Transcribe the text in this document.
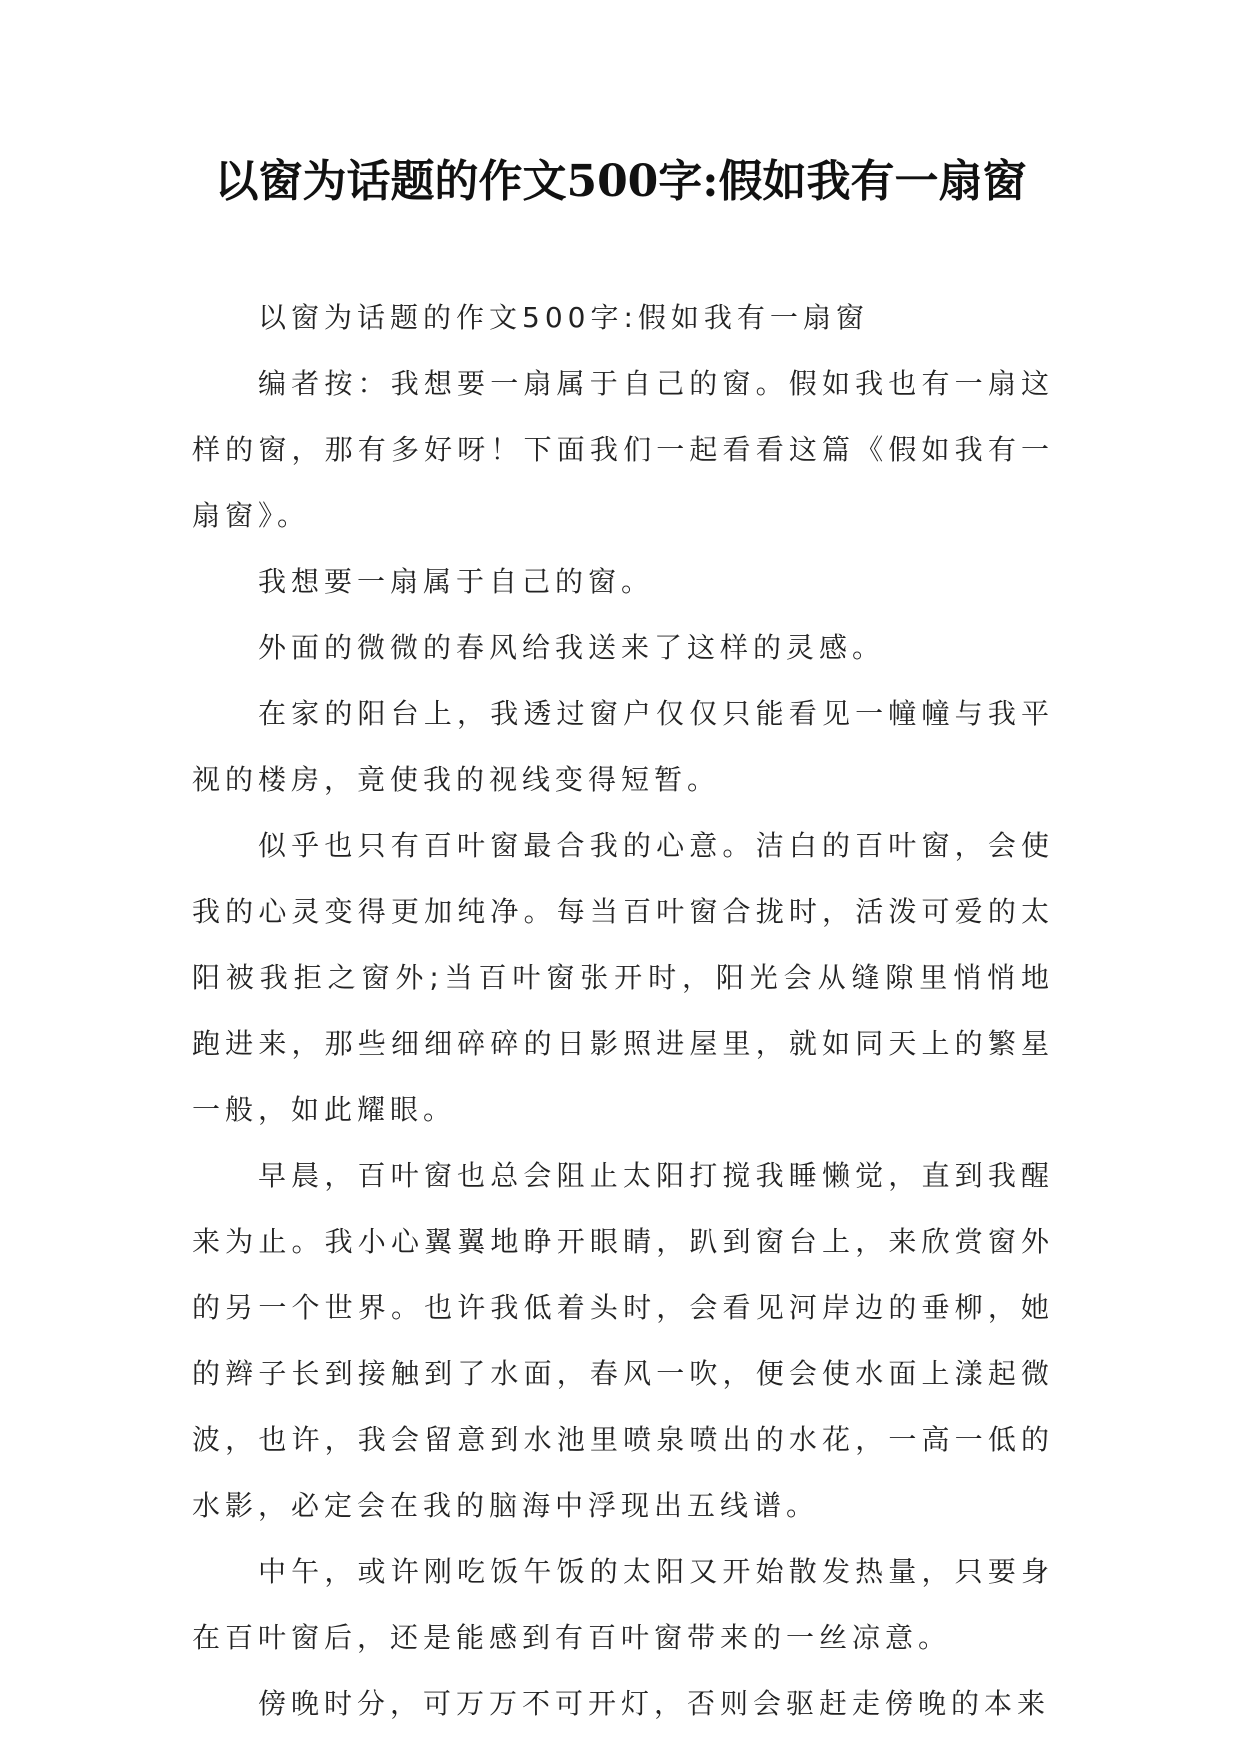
以窗为话题的作文500字:假如我有一扇窗

以窗为话题的作文500字:假如我有一扇窗

编者按：我想要一扇属于自己的窗。假如我也有一扇这样的窗，那有多好呀！下面我们一起看看这篇《假如我有一扇窗》。

我想要一扇属于自己的窗。

外面的微微的春风给我送来了这样的灵感。

在家的阳台上，我透过窗户仅仅只能看见一幢幢与我平视的楼房，竟使我的视线变得短暂。

似乎也只有百叶窗最合我的心意。洁白的百叶窗，会使我的心灵变得更加纯净。每当百叶窗合拢时，活泼可爱的太阳被我拒之窗外;当百叶窗张开时，阳光会从缝隙里悄悄地跑进来，那些细细碎碎的日影照进屋里，就如同天上的繁星一般，如此耀眼。

早晨，百叶窗也总会阻止太阳打搅我睡懒觉，直到我醒来为止。我小心翼翼地睁开眼睛，趴到窗台上，来欣赏窗外的另一个世界。也许我低着头时，会看见河岸边的垂柳，她的辫子长到接触到了水面，春风一吹，便会使水面上漾起微波，也许，我会留意到水池里喷泉喷出的水花，一高一低的水影，必定会在我的脑海中浮现出五线谱。

中午，或许刚吃饭午饭的太阳又开始散发热量，只要身在百叶窗后，还是能感到有百叶窗带来的一丝凉意。

傍晚时分，可万万不可开灯，否则会驱赶走傍晚的本来
